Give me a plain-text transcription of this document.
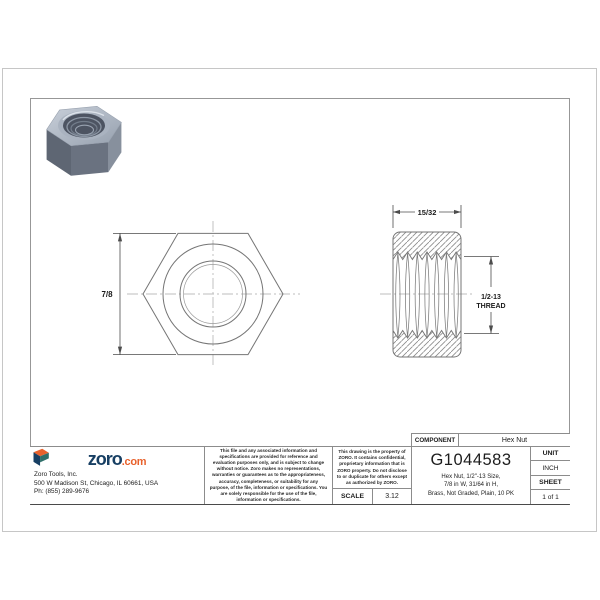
7/8
15/32
1/2-13
THREAD
COMPONENT	Hex Nut
zoro .com
Zoro Tools, Inc.
500 W Madison St, Chicago, IL 60661, USA
Ph: (855) 289-9676
This file and any associated information and specifications are provided for reference and evaluation purposes only, and is subject to change without notice. Zoro makes no representations, warranties or guarantees as to the appropriateness, accuracy, completeness, or suitability for any purpose, of the file, information or specifications. You are solely responsible for the use of the file, information or specifications.
This drawing is the property of ZORO. It contains confidential, proprietary information that is ZORO property. Do not disclose to or duplicate for others except as authorized by ZORO.
SCALE	3.12
G1044583
Hex Nut, 1/2"-13 Size,
7/8 in W, 31/64 in H,
Brass, Not Graded, Plain, 10 PK
UNIT
INCH
SHEET
1 of 1
